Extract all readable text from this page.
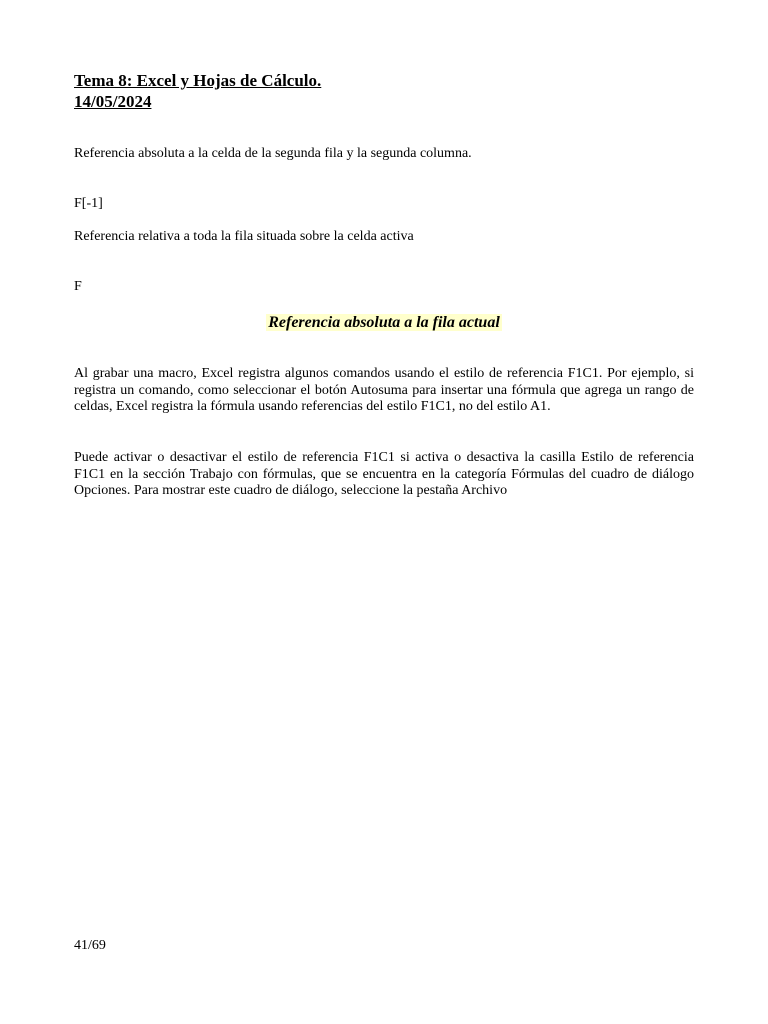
Tema 8: Excel y Hojas de Cálculo.
14/05/2024
Referencia absoluta a la celda de la segunda fila y la segunda columna.
F[-1]
Referencia relativa a toda la fila situada sobre la celda activa
F
Referencia absoluta a la fila actual
Al grabar una macro, Excel registra algunos comandos usando el estilo de referencia F1C1. Por ejemplo, si registra un comando, como seleccionar el botón Autosuma para insertar una fórmula que agrega un rango de celdas, Excel registra la fórmula usando referencias del estilo F1C1, no del estilo A1.
Puede activar o desactivar el estilo de referencia F1C1 si activa o desactiva la casilla Estilo de referencia F1C1 en la sección Trabajo con fórmulas, que se encuentra en la categoría Fórmulas del cuadro de diálogo Opciones. Para mostrar este cuadro de diálogo, seleccione la pestaña Archivo
41/69
